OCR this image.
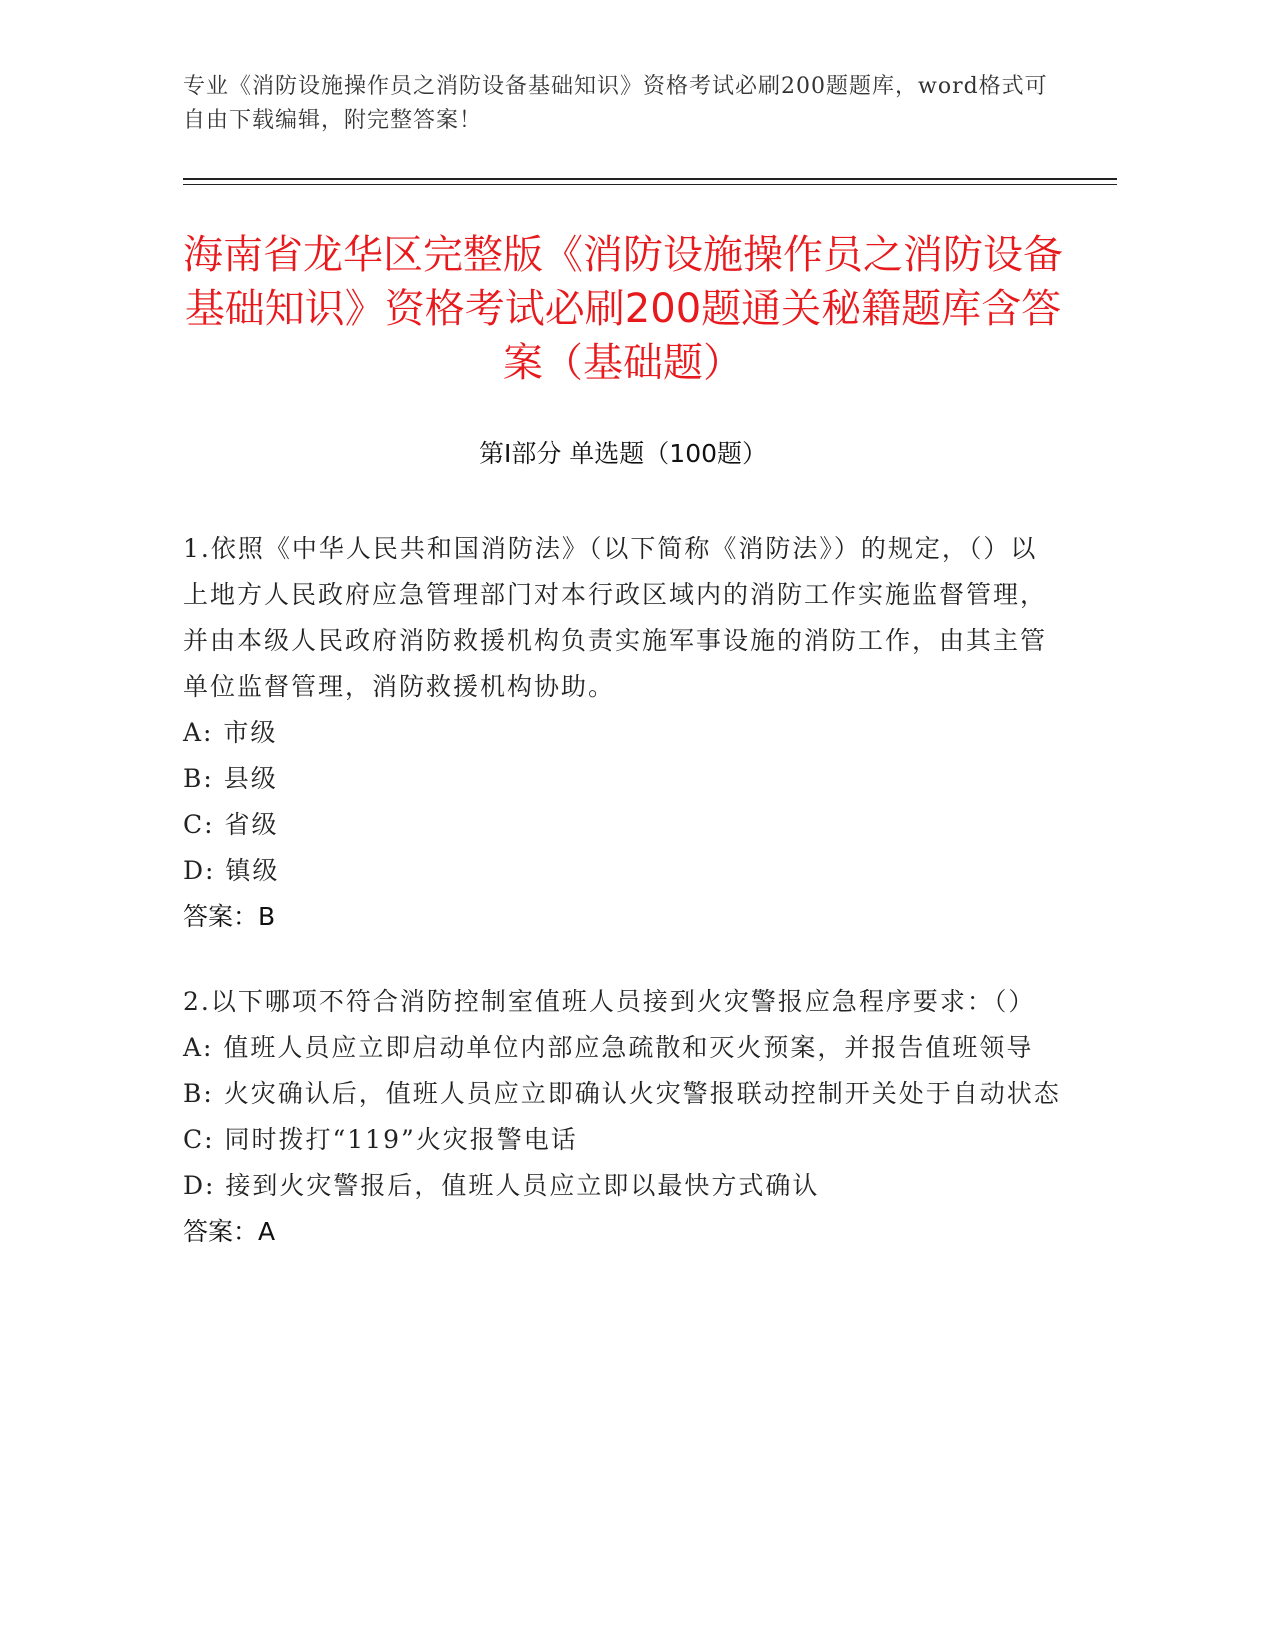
专业《消防设施操作员之消防设备基础知识》资格考试必刷200题题库，word格式可自由下载编辑，附完整答案！
海南省龙华区完整版《消防设施操作员之消防设备基础知识》资格考试必刷200题通关秘籍题库含答案（基础题）
第Ⅰ部分 单选题（100题）

1.依照《中华人民共和国消防法》（以下简称《消防法》）的规定，（）以上地方人民政府应急管理部门对本行政区域内的消防工作实施监督管理，并由本级人民政府消防救援机构负责实施军事设施的消防工作，由其主管单位监督管理，消防救援机构协助。

A: 市级

B: 县级

C: 省级

D: 镇级

答案：B

2.以下哪项不符合消防控制室值班人员接到火灾警报应急程序要求：（）

A: 值班人员应立即启动单位内部应急疏散和灭火预案，并报告值班领导

B: 火灾确认后，值班人员应立即确认火灾警报联动控制开关处于自动状态

C: 同时拨打“119”火灾报警电话

D: 接到火灾警报后，值班人员应立即以最快方式确认

答案：A
